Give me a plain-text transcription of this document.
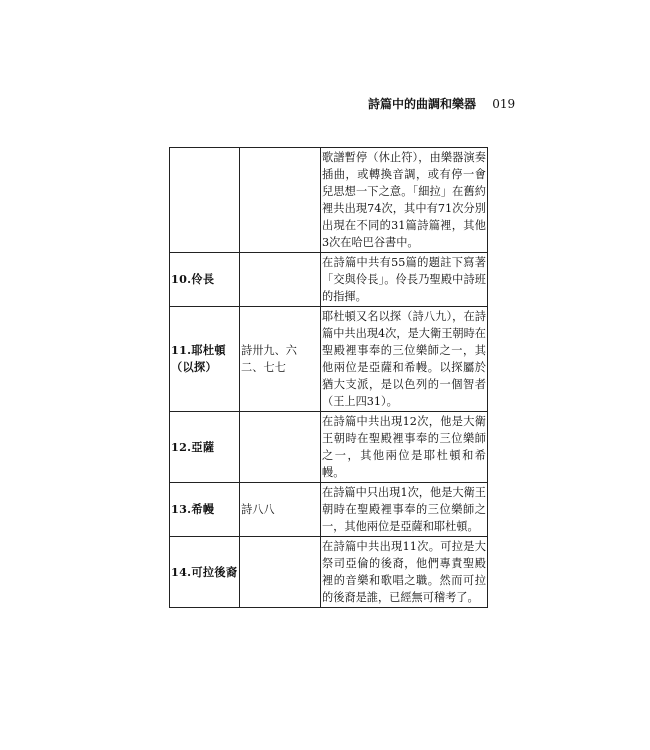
詩篇中的曲調和樂器 019
		歌譜暫停（休止符），由樂器演奏插曲，或轉換音調，或有停一會兒思想一下之意。「細拉」在舊約裡共出現74次，其中有71次分別出現在不同的31篇詩篇裡，其他3次在哈巴谷書中。
10.伶長		在詩篇中共有55篇的題註下寫著「交與伶長」。伶長乃聖殿中詩班的指揮。
11.耶杜頓（以探）	詩卅九、六二、七七	耶杜頓又名以探（詩八九），在詩篇中共出現4次，是大衛王朝時在聖殿裡事奉的三位樂師之一，其他兩位是亞薩和希幔。以探屬於猶大支派，是以色列的一個智者（王上四31）。
12.亞薩		在詩篇中共出現12次，他是大衛王朝時在聖殿裡事奉的三位樂師之一，其他兩位是耶杜頓和希幔。
13.希幔	詩八八	在詩篇中只出現1次，他是大衛王朝時在聖殿裡事奉的三位樂師之一，其他兩位是亞薩和耶杜頓。
14.可拉後裔		在詩篇中共出現11次。可拉是大祭司亞倫的後裔，他們專責聖殿裡的音樂和歌唱之職。然而可拉的後裔是誰，已經無可稽考了。
